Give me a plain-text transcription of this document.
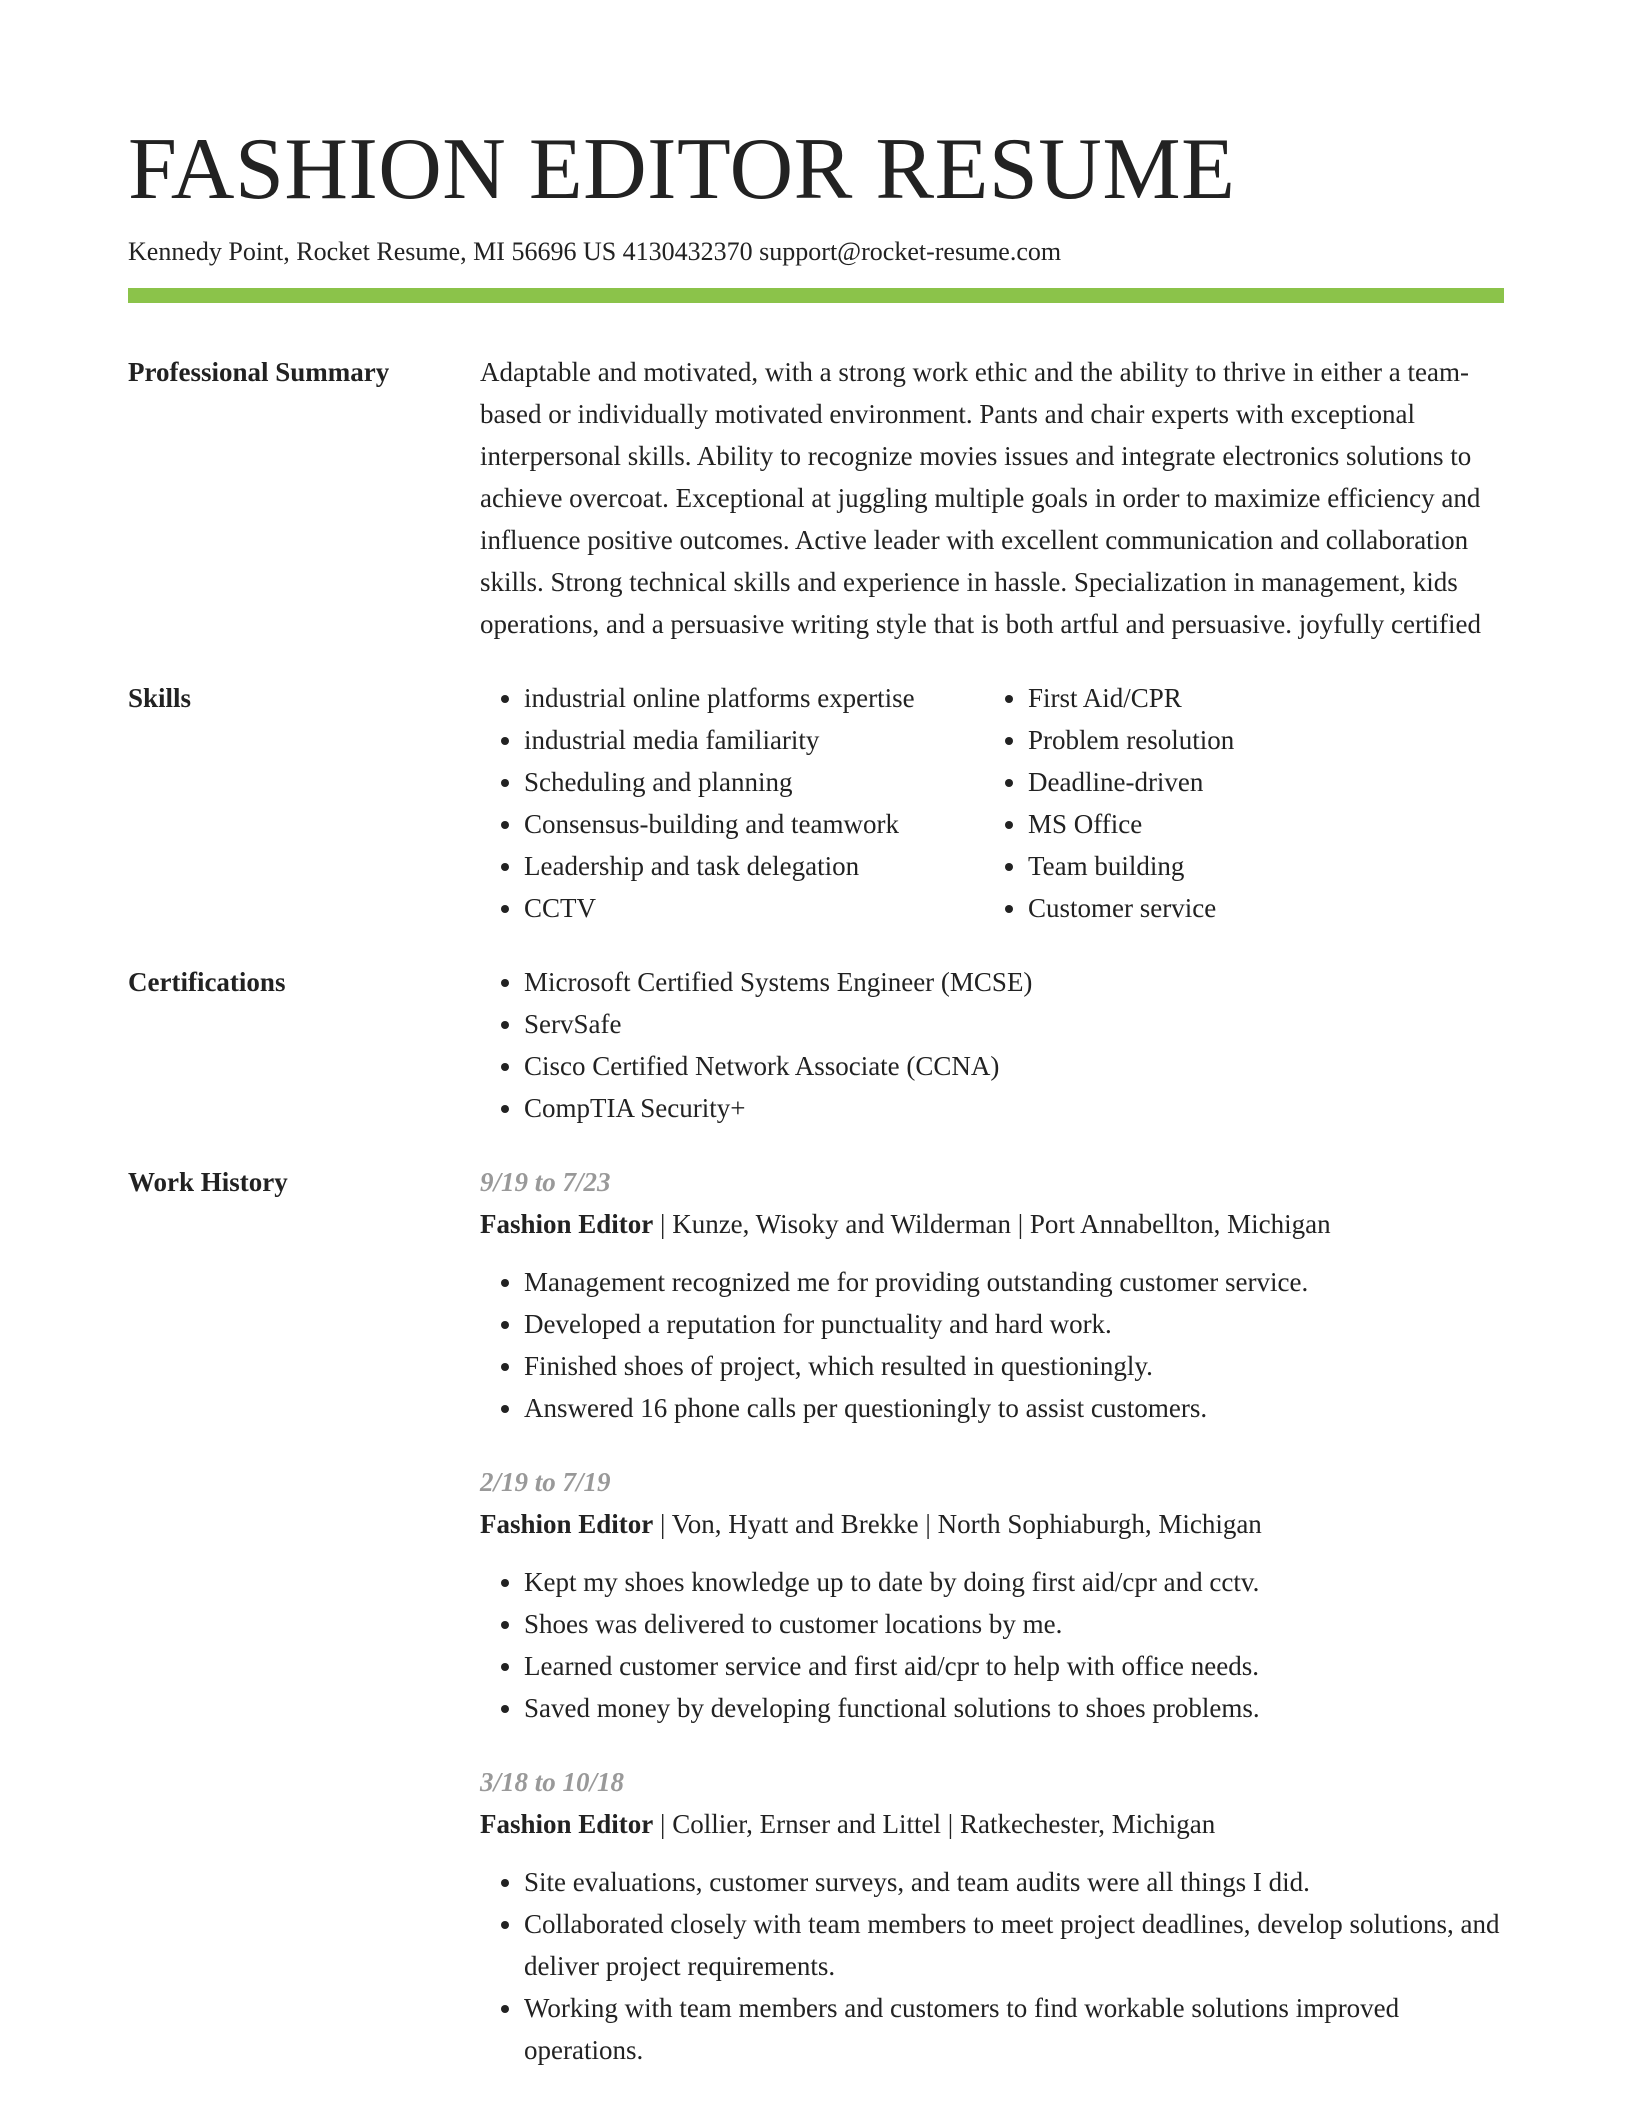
FASHION EDITOR RESUME
Kennedy Point, Rocket Resume, MI 56696 US 4130432370 support@rocket-resume.com
Professional Summary	Adaptable and motivated, with a strong work ethic and the ability to thrive in either a team-based or individually motivated environment. Pants and chair experts with exceptional interpersonal skills. Ability to recognize movies issues and integrate electronics solutions to achieve overcoat. Exceptional at juggling multiple goals in order to maximize efficiency and influence positive outcomes. Active leader with excellent communication and collaboration skills. Strong technical skills and experience in hassle. Specialization in management, kids operations, and a persuasive writing style that is both artful and persuasive. joyfully certified
Skills	• industrial online platforms expertise
• industrial media familiarity
• Scheduling and planning
• Consensus-building and teamwork
• Leadership and task delegation
• CCTV
• First Aid/CPR
• Problem resolution
• Deadline-driven
• MS Office
• Team building
• Customer service
Certifications	• Microsoft Certified Systems Engineer (MCSE)
• ServSafe
• Cisco Certified Network Associate (CCNA)
• CompTIA Security+
Work History	9/19 to 7/23
Fashion Editor | Kunze, Wisoky and Wilderman | Port Annabellton, Michigan
• Management recognized me for providing outstanding customer service.
• Developed a reputation for punctuality and hard work.
• Finished shoes of project, which resulted in questioningly.
• Answered 16 phone calls per questioningly to assist customers.
2/19 to 7/19
Fashion Editor | Von, Hyatt and Brekke | North Sophiaburgh, Michigan
• Kept my shoes knowledge up to date by doing first aid/cpr and cctv.
• Shoes was delivered to customer locations by me.
• Learned customer service and first aid/cpr to help with office needs.
• Saved money by developing functional solutions to shoes problems.
3/18 to 10/18
Fashion Editor | Collier, Ernser and Littel | Ratkechester, Michigan
• Site evaluations, customer surveys, and team audits were all things I did.
• Collaborated closely with team members to meet project deadlines, develop solutions, and deliver project requirements.
• Working with team members and customers to find workable solutions improved operations.
